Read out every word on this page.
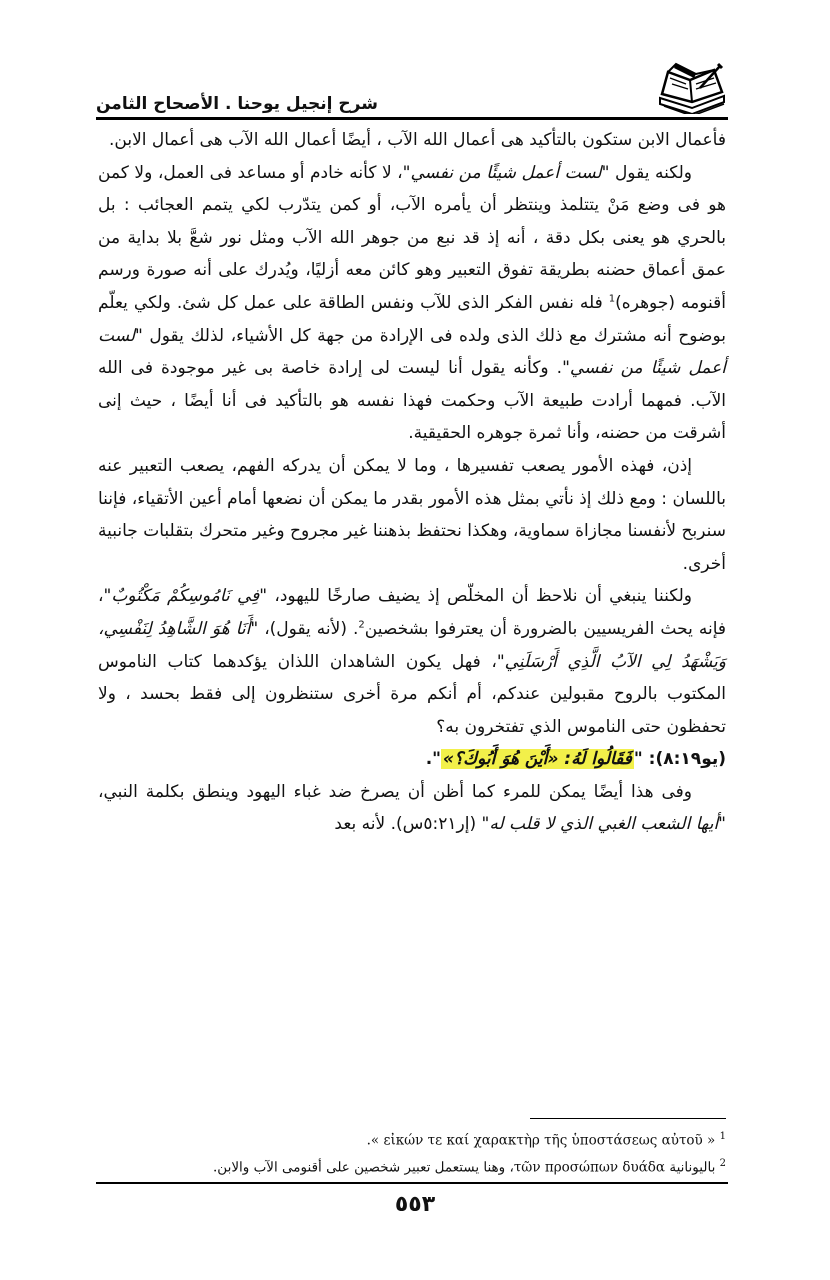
شرح إنجيل يوحنا . الأصحاح الثامن

فأعمال الابن ستكون بالتأكيد هى أعمال الله الآب ، أيضًا أعمال الله الآب هى أعمال الابن.

ولكنه يقول "لست أعمل شيئًا من نفسي"، لا كأنه خادم أو مساعد فى العمل، ولا كمن هو فى وضع مَنْ يتتلمذ وينتظر أن يأمره الآب، أو كمن يتدّرب لكي يتمم العجائب : بل بالحري هو يعنى بكل دقة ، أنه إذ قد نبع من جوهر الله الآب ومثل نور شعَّ بلا بداية من عمق أعماق حضنه بطريقة تفوق التعبير وهو كائن معه أزليًا، ويُدرك على أنه صورة ورسم أقنومه (جوهره)$^1$ فله نفس الفكر الذى للآب ونفس الطاقة على عمل كل شئ. ولكي يعلّم بوضوح أنه مشترك مع ذلك الذى ولده فى الإرادة من جهة كل الأشياء، لذلك يقول "لست أعمل شيئًا من نفسي". وكأنه يقول أنا ليست لى إرادة خاصة بى غير موجودة فى الله الآب. فمهما أرادت طبيعة الآب وحكمت فهذا نفسه هو بالتأكيد فى أنا أيضًا ، حيث إنى أشرقت من حضنه، وأنا ثمرة جوهره الحقيقية.

إذن، فهذه الأمور يصعب تفسيرها ، وما لا يمكن أن يدركه الفهم، يصعب التعبير عنه باللسان : ومع ذلك إذ نأتي بمثل هذه الأمور بقدر ما يمكن أن نضعها أمام أعين الأتقياء، فإننا سنربح لأنفسنا مجازاة سماوية، وهكذا نحتفظ بذهننا غير مجروح وغير متحرك بتقلبات جانبية أخرى.

ولكننا ينبغي أن نلاحظ أن المخلّص إذ يضيف صارخًا لليهود، "فِي نَامُوسِكُمْ مَكْتُوبٌ"، فإنه يحث الفريسيين بالضرورة أن يعترفوا بشخصين$^2$. (لأنه يقول)، "أَنَا هُوَ الشَّاهِدُ لِنَفْسِي، وَيَشْهَدُ لِي الآبُ الَّذِي أَرْسَلَنِي"، فهل يكون الشاهدان اللذان يؤكدهما كتاب الناموس المكتوب بالروح مقبولين عندكم، أم أنكم مرة أخرى ستنظرون إلى فقط بحسد ، ولا تحفظون حتى الناموس الذي تفتخرون به؟

(يو٨:١٩): "فَقَالُوا لَهُ: «أَيْنَ هُوَ أَبُوكَ؟»".

وفى هذا أيضًا يمكن للمرء كما أظن أن يصرخ ضد غباء اليهود وينطق بكلمة النبي، "أيها الشعب الغبي الذي لا قلب له" (إر٥:٢١س). لأنه بعد

$^1$ « εἰκών τε καί χαρακτὴρ τῆς ὑποστάσεως αὐτοῦ ».
$^2$ باليونانية τῶν προσώπων δυάδα، وهنا يستعمل تعبير شخصين على أقنومى الآب والابن.
٥٥٣
